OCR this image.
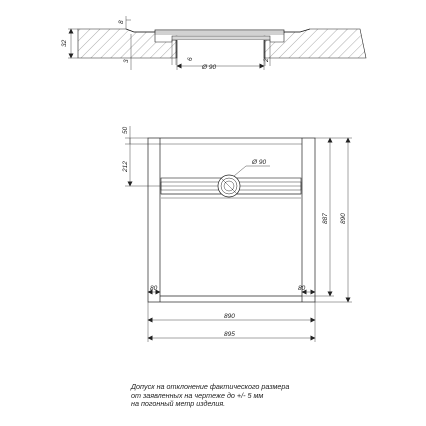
32
8
3
6
Ø 90
2
Ø 90
50
212
887 890
80	80
890
895
Допуск на отклонение фактического размера
от заявленных на чертеже до +/- 5 мм
на погонный метр изделия.
